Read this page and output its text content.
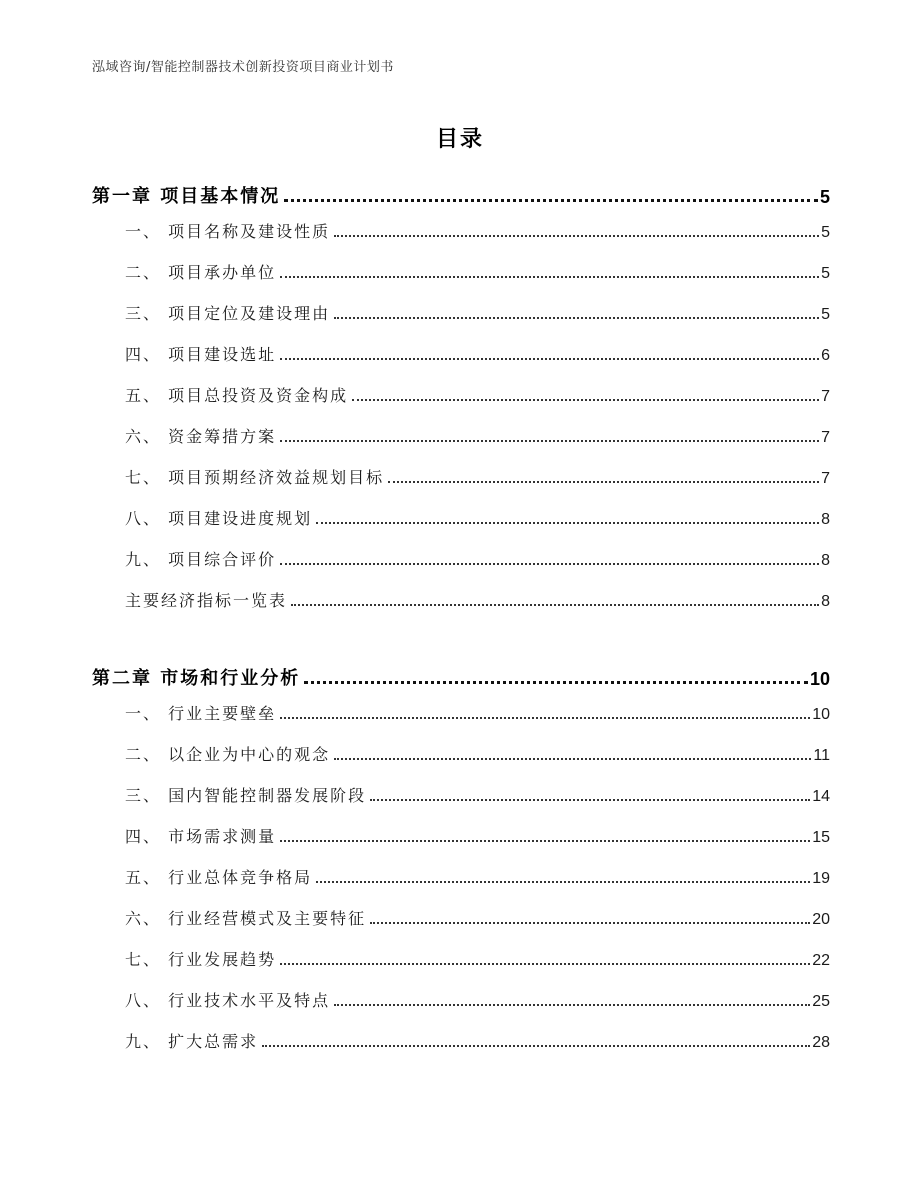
泓域咨询/智能控制器技术创新投资项目商业计划书
目录
第一章 项目基本情况	5
一、 项目名称及建设性质	5
二、 项目承办单位	5
三、 项目定位及建设理由	5
四、 项目建设选址	6
五、 项目总投资及资金构成	7
六、 资金筹措方案	7
七、 项目预期经济效益规划目标	7
八、 项目建设进度规划	8
九、 项目综合评价	8
主要经济指标一览表	8
第二章 市场和行业分析	10
一、 行业主要壁垒	10
二、 以企业为中心的观念	11
三、 国内智能控制器发展阶段	14
四、 市场需求测量	15
五、 行业总体竞争格局	19
六、 行业经营模式及主要特征	20
七、 行业发展趋势	22
八、 行业技术水平及特点	25
九、 扩大总需求	28
